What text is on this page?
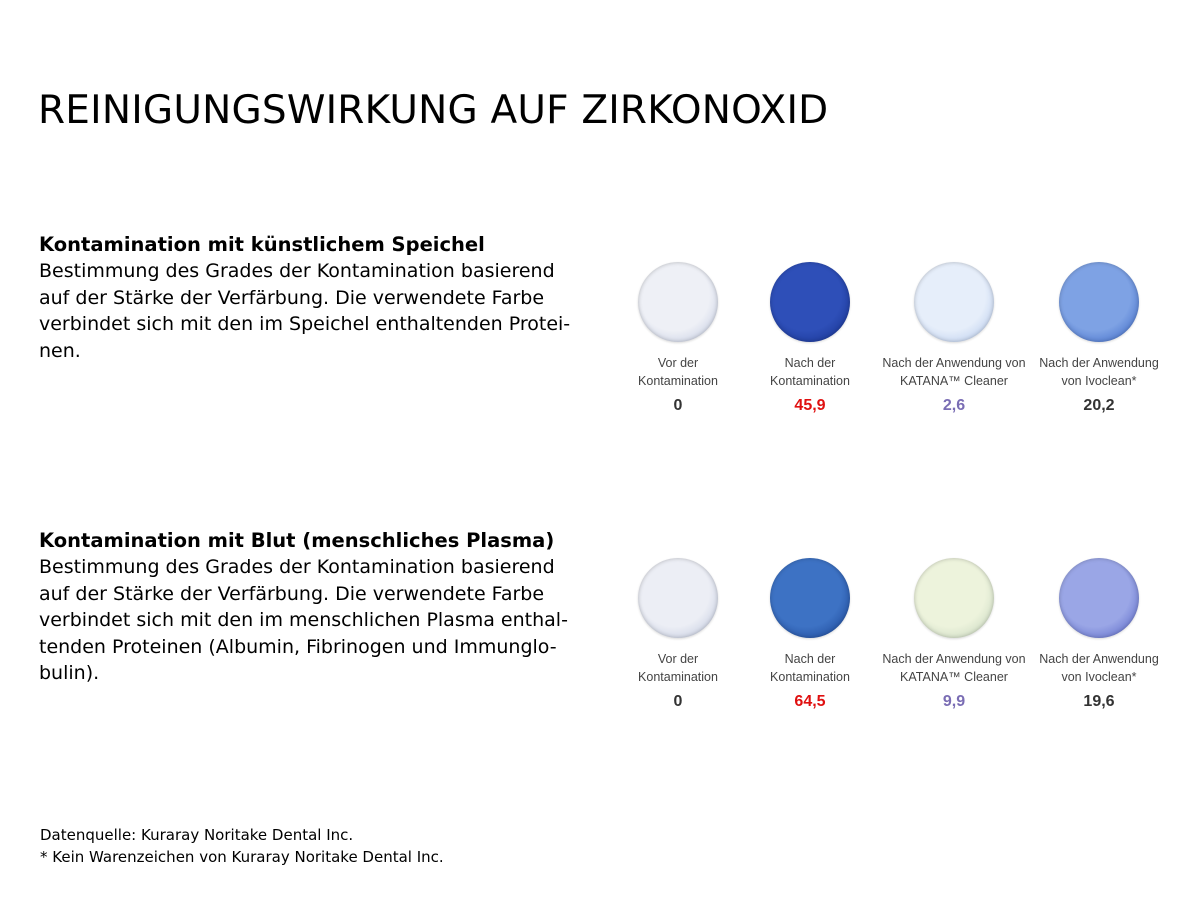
REINIGUNGSWIRKUNG AUF ZIRKONOXID
Kontamination mit künstlichem Speichel
Bestimmung des Grades der Kontamination basierend
auf der Stärke der Verfärbung. Die verwendete Farbe
verbindet sich mit den im Speichel enthaltenden Protei-
nen.
Vor der
Kontamination
0
Nach der
Kontamination
45,9
Nach der Anwendung von
KATANA™ Cleaner
2,6
Nach der Anwendung
von Ivoclean*
20,2
Kontamination mit Blut (menschliches Plasma)
Bestimmung des Grades der Kontamination basierend
auf der Stärke der Verfärbung. Die verwendete Farbe
verbindet sich mit den im menschlichen Plasma enthal-
tenden Proteinen (Albumin, Fibrinogen und Immunglo-
bulin).
Vor der
Kontamination
0
Nach der
Kontamination
64,5
Nach der Anwendung von
KATANA™ Cleaner
9,9
Nach der Anwendung
von Ivoclean*
19,6
Datenquelle: Kuraray Noritake Dental Inc.
* Kein Warenzeichen von Kuraray Noritake Dental Inc.
